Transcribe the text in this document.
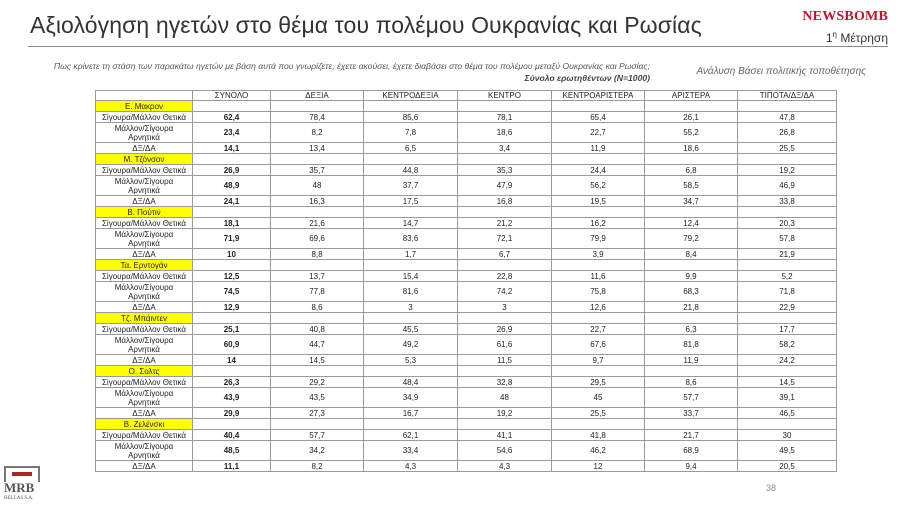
Αξιολόγηση ηγετών στο θέμα του πολέμου Ουκρανίας και Ρωσίας	NEWSBOMB
$1^\eta$ Μέτρηση
Πως κρίνετε τη στάση των παρακάτω ηγετών με βάση αυτά που γνωρίζετε, έχετε ακούσει, έχετε διαβάσει στο θέμα του πολέμου μεταξύ Ουκρανίας και Ρωσίας; Σύνολο ερωτηθέντων (Ν=1000)
Ανάλυση Βάσει πολιτικής τοποθέτησης
	ΣΥΝΟΛΟ	ΔΕΞΙΑ	ΚΕΝΤΡΟΔΕΞΙΑ	ΚΕΝΤΡΟ	ΚΕΝΤΡΟΑΡΙΣΤΕΡΑ	ΑΡΙΣΤΕΡΑ	ΤΙΠΟΤΑ/ΔΞ/ΔΑ
Ε. Μακρον							
Σίγουρα/Μάλλον Θετικά	62,4	78,4	85,6	78,1	65,4	26,1	47,8
Μάλλον/Σίγουρα Αρνητικά	23,4	8,2	7,8	18,6	22,7	55,2	26,8
ΔΞ/ΔΑ	14,1	13,4	6,5	3,4	11,9	18,6	25,5
Μ. Τζόνσον							
Σίγουρα/Μάλλον Θετικά	26,9	35,7	44,8	35,3	24,4	6,8	19,2
Μάλλον/Σίγουρα Αρνητικά	48,9	48	37,7	47,9	56,2	58,5	46,9
ΔΞ/ΔΑ	24,1	16,3	17,5	16,8	19,5	34,7	33,8
Β. Πούτιν							
Σίγουρα/Μάλλον Θετικά	18,1	21,6	14,7	21,2	16,2	12,4	20,3
Μάλλον/Σίγουρα Αρνητικά	71,9	69,6	83,6	72,1	79,9	79,2	57,8
ΔΞ/ΔΑ	10	8,8	1,7	6,7	3,9	8,4	21,9
Τα. Ερντογάν							
Σίγουρα/Μάλλον Θετικά	12,5	13,7	15,4	22,8	11,6	9,9	5,2
Μάλλον/Σίγουρα Αρνητικά	74,5	77,8	81,6	74,2	75,8	68,3	71,8
ΔΞ/ΔΑ	12,9	8,6	3	3	12,6	21,8	22,9
Τζ. Μπάιντεν							
Σίγουρα/Μάλλον Θετικά	25,1	40,8	45,5	26,9	22,7	6,3	17,7
Μάλλον/Σίγουρα Αρνητικά	60,9	44,7	49,2	61,6	67,6	81,8	58,2
ΔΞ/ΔΑ	14	14,5	5,3	11,5	9,7	11,9	24,2
Ο. Σολτς							
Σίγουρα/Μάλλον Θετικά	26,3	29,2	48,4	32,8	29,5	8,6	14,5
Μάλλον/Σίγουρα Αρνητικά	43,9	43,5	34,9	48	45	57,7	39,1
ΔΞ/ΔΑ	29,9	27,3	16,7	19,2	25,5	33,7	46,5
Β. Ζελένσκι							
Σίγουρα/Μάλλον Θετικά	40,4	57,7	62,1	41,1	41,8	21,7	30
Μάλλον/Σίγουρα Αρνητικά	48,5	34,2	33,4	54,6	46,2	68,9	49,5
ΔΞ/ΔΑ	11,1	8,2	4,3	4,3	12	9,4	20,5
MRB
HELLAS S.A.
38
